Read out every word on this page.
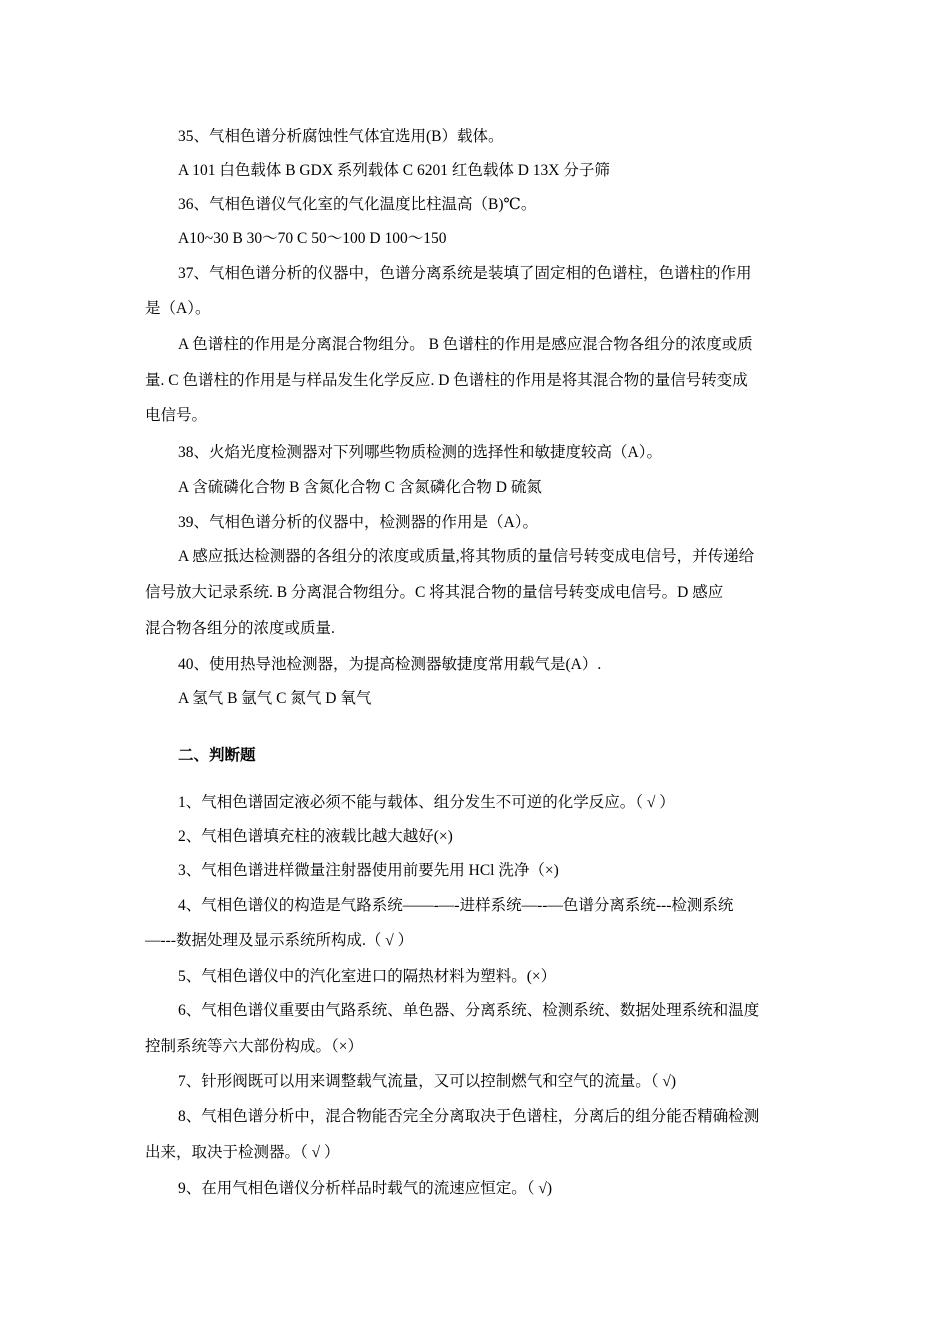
35、气相色谱分析腐蚀性气体宜选用(B）载体。
A 101 白色载体 B GDX 系列载体 C 6201 红色载体 D 13X 分子筛
36、气相色谱仪气化室的气化温度比柱温高（B)℃。
A10~30 B 30～70 C 50～100 D 100～150
37、气相色谱分析的仪器中，色谱分离系统是装填了固定相的色谱柱，色谱柱的作用
是（A）。
A 色谱柱的作用是分离混合物组分。 B 色谱柱的作用是感应混合物各组分的浓度或质
量. C 色谱柱的作用是与样品发生化学反应. D 色谱柱的作用是将其混合物的量信号转变成
电信号。
38、火焰光度检测器对下列哪些物质检测的选择性和敏捷度较高（A）。
A 含硫磷化合物 B 含氮化合物 C 含氮磷化合物 D 硫氮
39、气相色谱分析的仪器中，检测器的作用是（A）。
A 感应抵达检测器的各组分的浓度或质量,将其物质的量信号转变成电信号，并传递给
信号放大记录系统. B 分离混合物组分。C 将其混合物的量信号转变成电信号。D 感应
混合物各组分的浓度或质量.
40、使用热导池检测器，为提高检测器敏捷度常用载气是(A）.
A 氢气 B 氩气 C 氮气 D 氧气
二、判断题
1、气相色谱固定液必须不能与载体、组分发生不可逆的化学反应。（ √ ）
2、气相色谱填充柱的液载比越大越好(×)
3、气相色谱进样微量注射器使用前要先用 HCl 洗净（×)
4、气相色谱仪的构造是气路系统——-—-进样系统—--—色谱分离系统---检测系统
—---数据处理及显示系统所构成.（ √ ）
5、气相色谱仪中的汽化室进口的隔热材料为塑料。(×）
6、气相色谱仪重要由气路系统、单色器、分离系统、检测系统、数据处理系统和温度
控制系统等六大部份构成。（×）
7、针形阀既可以用来调整载气流量，又可以控制燃气和空气的流量。（ √)
8、气相色谱分析中，混合物能否完全分离取决于色谱柱，分离后的组分能否精确检测
出来，取决于检测器。（ √ ）
9、在用气相色谱仪分析样品时载气的流速应恒定。（ √)
